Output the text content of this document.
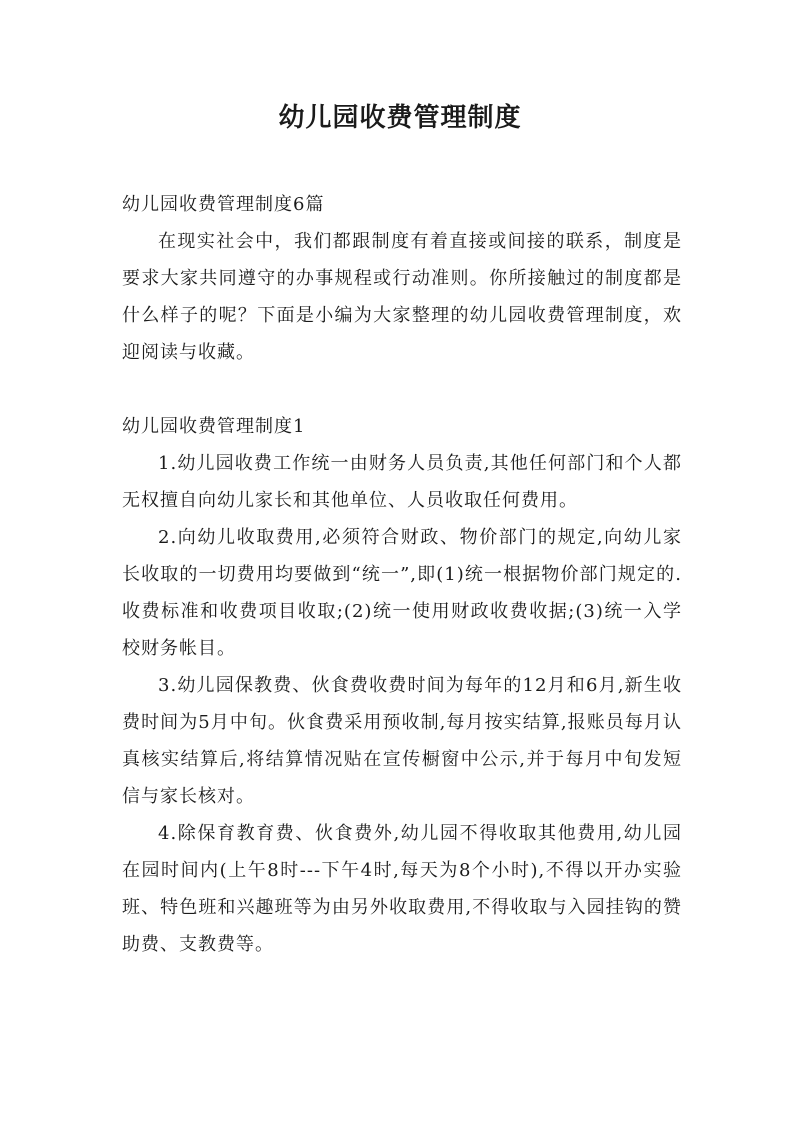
幼儿园收费管理制度

幼儿园收费管理制度6篇

在现实社会中，我们都跟制度有着直接或间接的联系，制度是要求大家共同遵守的办事规程或行动准则。你所接触过的制度都是什么样子的呢？下面是小编为大家整理的幼儿园收费管理制度，欢迎阅读与收藏。

幼儿园收费管理制度1

1.幼儿园收费工作统一由财务人员负责,其他任何部门和个人都无权擅自向幼儿家长和其他单位、人员收取任何费用。

2.向幼儿收取费用,必须符合财政、物价部门的规定,向幼儿家长收取的一切费用均要做到“统一”,即(1)统一根据物价部门规定的.收费标准和收费项目收取;(2)统一使用财政收费收据;(3)统一入学校财务帐目。

3.幼儿园保教费、伙食费收费时间为每年的12月和6月,新生收费时间为5月中旬。伙食费采用预收制,每月按实结算,报账员每月认真核实结算后,将结算情况贴在宣传橱窗中公示,并于每月中旬发短信与家长核对。

4.除保育教育费、伙食费外,幼儿园不得收取其他费用,幼儿园在园时间内(上午8时---下午4时,每天为8个小时),不得以开办实验班、特色班和兴趣班等为由另外收取费用,不得收取与入园挂钩的赞助费、支教费等。
